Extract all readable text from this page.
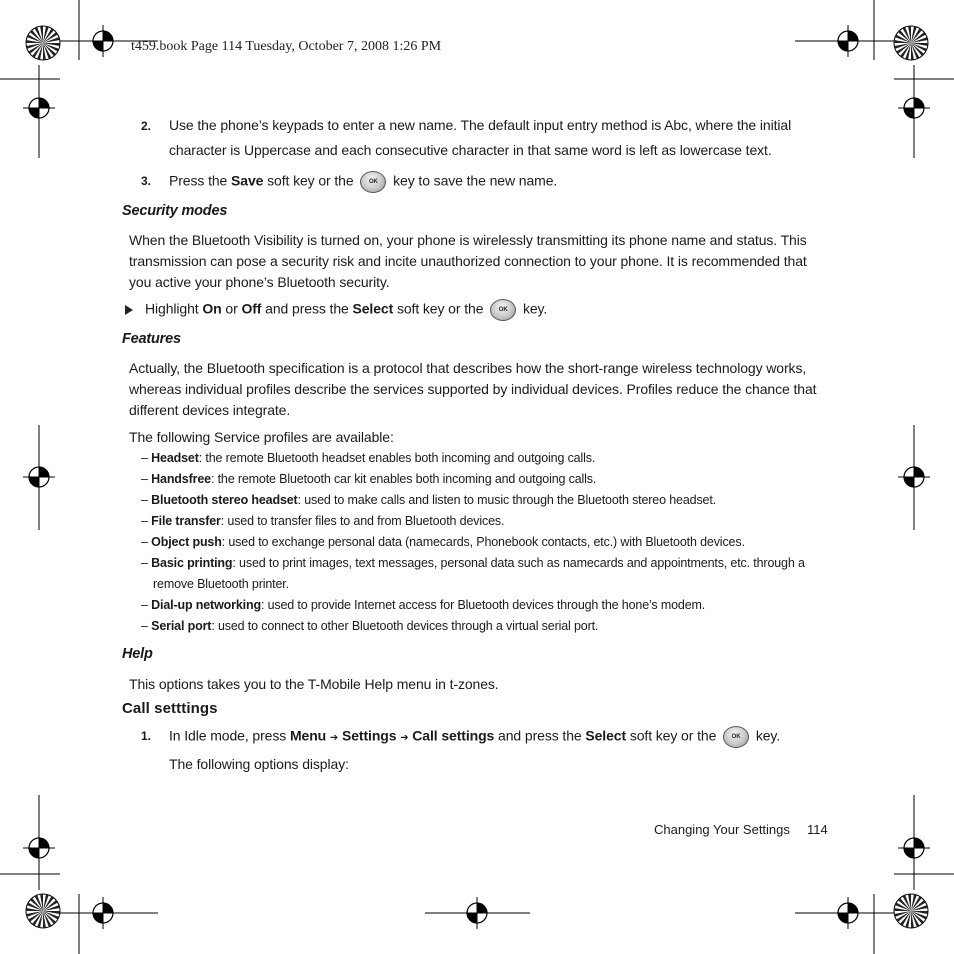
t459.book Page 114 Tuesday, October 7, 2008 1:26 PM
2. Use the phone’s keypads to enter a new name. The default input entry method is Abc, where the initial
character is Uppercase and each consecutive character in that same word is left as lowercase text.
3. Press the Save soft key or the OK key to save the new name.
Security modes
When the Bluetooth Visibility is turned on, your phone is wirelessly transmitting its phone name and status. This
transmission can pose a security risk and incite unauthorized connection to your phone. It is recommended that
you active your phone’s Bluetooth security.
Highlight On or Off and press the Select soft key or the OK key.
Features
Actually, the Bluetooth specification is a protocol that describes how the short-range wireless technology works,
whereas individual profiles describe the services supported by individual devices. Profiles reduce the chance that
different devices integrate.
The following Service profiles are available:
– Headset: the remote Bluetooth headset enables both incoming and outgoing calls.
– Handsfree: the remote Bluetooth car kit enables both incoming and outgoing calls.
– Bluetooth stereo headset: used to make calls and listen to music through the Bluetooth stereo headset.
– File transfer: used to transfer files to and from Bluetooth devices.
– Object push: used to exchange personal data (namecards, Phonebook contacts, etc.) with Bluetooth devices.
– Basic printing: used to print images, text messages, personal data such as namecards and appointments, etc. through a
remove Bluetooth printer.
– Dial-up networking: used to provide Internet access for Bluetooth devices through the hone’s modem.
– Serial port: used to connect to other Bluetooth devices through a virtual serial port.
Help
This options takes you to the T-Mobile Help menu in t-zones.
Call setttings
1. In Idle mode, press Menu ➔ Settings ➔ Call settings and press the Select soft key or the OK key.
The following options display:
Changing Your Settings 114
